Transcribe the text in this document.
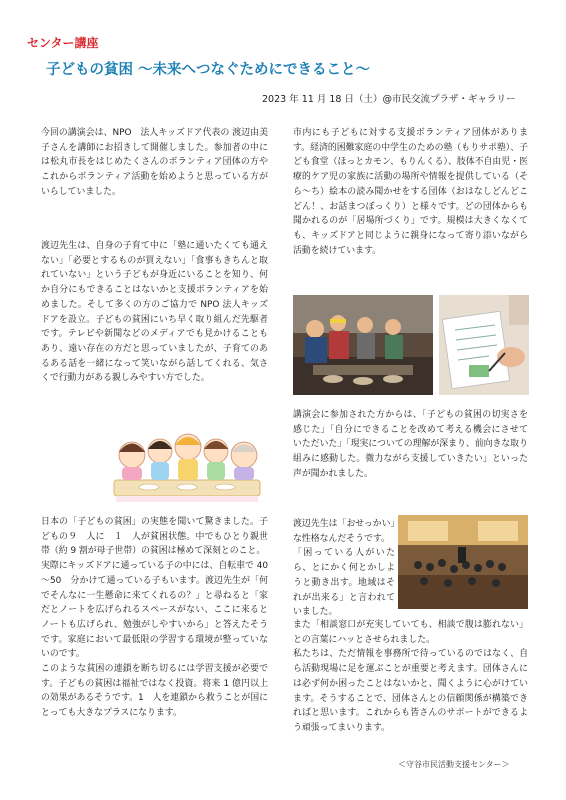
センター講座
子どもの貧困 ～未来へつなぐためにできること～
2023 年 11 月 18 日（土）@市民交流プラザ・ギャラリー
今回の講演会は、NPO　法人キッズドア代表の 渡辺由美子さんを講師にお招きして開催しました。参加者の中には松丸市長をはじめたくさんのボランティア団体の方やこれからボランティア活動を始めようと思っている方がいらしていました。
渡辺先生は、自身の子育て中に「塾に通いたくても通えない」「必要とするものが買えない」「食事もきちんと取れていない」という子どもが身近にいることを知り、何か自分にもできることはないかと支援ボランティアを始めました。そして多くの方のご協力で NPO 法人キッズドアを設立。子どもの貧困にいち早く取り組んだ先駆者です。テレビや新聞などのメディアでも見かけることもあり、遠い存在の方だと思っていましたが、子育てのあるある話を一緒になって笑いながら話してくれる、気さくで行動力がある親しみやすい方でした。
日本の「子どもの貧困」の実態を聞いて驚きました。子どもの９　人に　１　人が貧困状態。中でもひとり親世帯（約 9 割が母子世帯）の貧困は極めて深刻とのこと。
実際にキッズドアに通っている子の中には、自転車で 40～50　分かけて通っている子もいます。渡辺先生が「何でそんなに一生懸命に来てくれるの？」と尋ねると「家だとノートを広げられるスペースがない、ここに来るとノートも広げられ、勉強がしやすいから」と答えたそうです。家庭において最低限の学習する環境が整っていないのです。
このような貧困の連鎖を断ち切るには学習支援が必要です。子どもの貧困は福祉ではなく投資。将来 1 億円以上の効果があるそうです。1　人を連鎖から救うことが国にとっても大きなプラスになります。
市内にも子どもに対する支援ボランティア団体があります。経済的困難家庭の中学生のための塾（もりサポ塾）、子ども食堂（ほっとカモン、もりんくる）、肢体不自由児・医療的ケア児の家族に活動の場所や情報を提供している（そら～ち）絵本の読み聞かせをする団体（おはなしどんどこどん！、お話まつぼっくり）と様々です。どの団体からも聞かれるのが「居場所づくり」です。規模は大きくなくても、キッズドアと同じように親身になって寄り添いながら活動を続けています。
講演会に参加された方からは、「子どもの貧困の切実さを感じた」「自分にできることを改めて考える機会にさせていただいた」「現実についての理解が深まり、前向きな取り組みに感動した。微力ながら支援していきたい」といった声が聞かれました。
渡辺先生は「おせっかい」な性格なんだそうです。
「困っている人がいたら、とにかく何とかしようと動き出す。地域はそれが出来る」と言われていました。
また「相談窓口が充実していても、相談で腹は膨れない」との言葉にハッとさせられました。
私たちは、ただ情報を事務所で待っているのではなく、自ら活動現場に足を運ぶことが重要と考えます。団体さんには必ず何か困ったことはないかと、聞くように心がけています。そうすることで、団体さんとの信頼関係が構築できればと思います。これからも皆さんのサポートができるよう頑張ってまいります。
＜守谷市民活動支援センター＞
